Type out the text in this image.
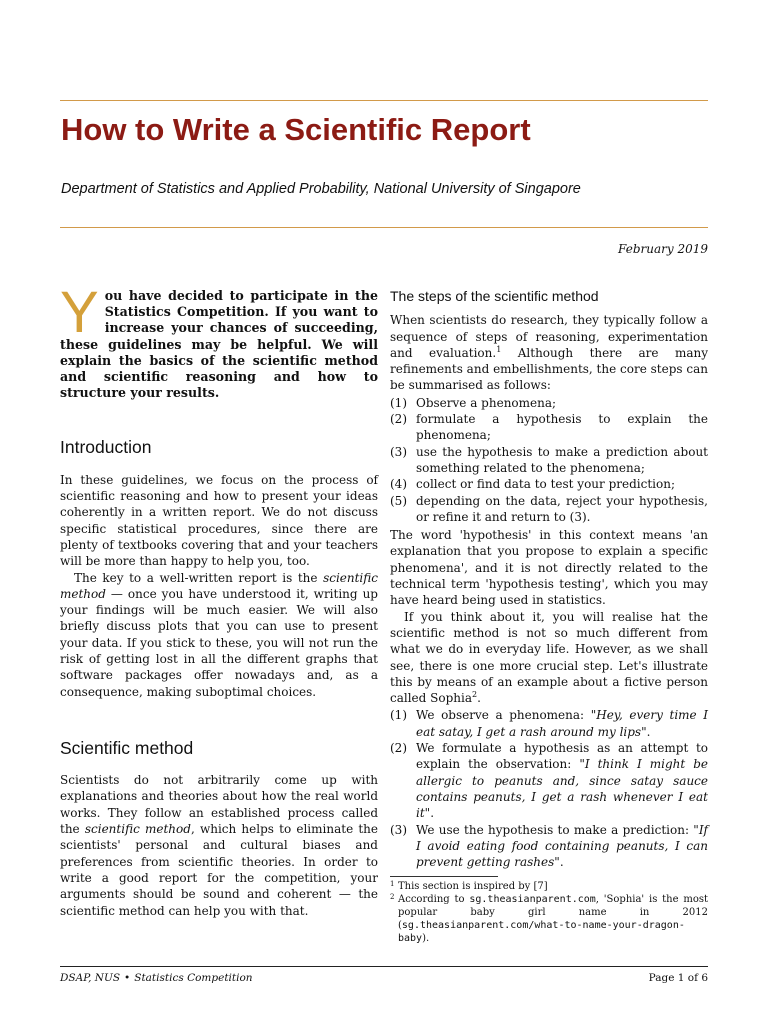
How to Write a Scientific Report
Department of Statistics and Applied Probability, National University of Singapore
February 2019
You have decided to participate in the Statistics Competition. If you want to increase your chances of succeeding, these guidelines may be helpful. We will explain the basics of the scientific method and scientific reasoning and how to structure your results.
Introduction

In these guidelines, we focus on the process of scientific reasoning and how to present your ideas coherently in a written report. We do not discuss specific statistical procedures, since there are plenty of textbooks covering that and your teachers will be more than happy to help you, too.

The key to a well-written report is the scientific method — once you have understood it, writing up your findings will be much easier. We will also briefly discuss plots that you can use to present your data. If you stick to these, you will not run the risk of getting lost in all the different graphs that software packages offer nowadays and, as a consequence, making suboptimal choices.

Scientific method

Scientists do not arbitrarily come up with explanations and theories about how the real world works. They follow an established process called the scientific method, which helps to eliminate the scientists' personal and cultural biases and preferences from scientific theories. In order to write a good report for the competition, your arguments should be sound and coherent — the scientific method can help you with that.

The steps of the scientific method

When scientists do research, they typically follow a sequence of steps of reasoning, experimentation and evaluation.$^1$ Although there are many refinements and embellishments, the core steps can be summarised as follows:

(1) Observe a phenomena;
(2) formulate a hypothesis to explain the phenomena;
(3) use the hypothesis to make a prediction about something related to the phenomena;
(4) collect or find data to test your prediction;
(5) depending on the data, reject your hypothesis, or refine it and return to (3).

The word 'hypothesis' in this context means 'an explanation that you propose to explain a specific phenomena', and it is not directly related to the technical term 'hypothesis testing', which you may have heard being used in statistics.

If you think about it, you will realise hat the scientific method is not so much different from what we do in everyday life. However, as we shall see, there is one more crucial step. Let's illustrate this by means of an example about a fictive person called Sophia$^2$.

(1) We observe a phenomena: "Hey, every time I eat satay, I get a rash around my lips".
(2) We formulate a hypothesis as an attempt to explain the observation: "I think I might be allergic to peanuts and, since satay sauce contains peanuts, I get a rash whenever I eat it".
(3) We use the hypothesis to make a prediction: "If I avoid eating food containing peanuts, I can prevent getting rashes".
1 This section is inspired by [7]
2 According to sg.theasianparent.com, 'Sophia' is the most popular baby girl name in 2012 (sg.theasianparent.com/what-to-name-your-dragon-baby).
DSAP, NUS • Statistics Competition	Page 1 of 6
